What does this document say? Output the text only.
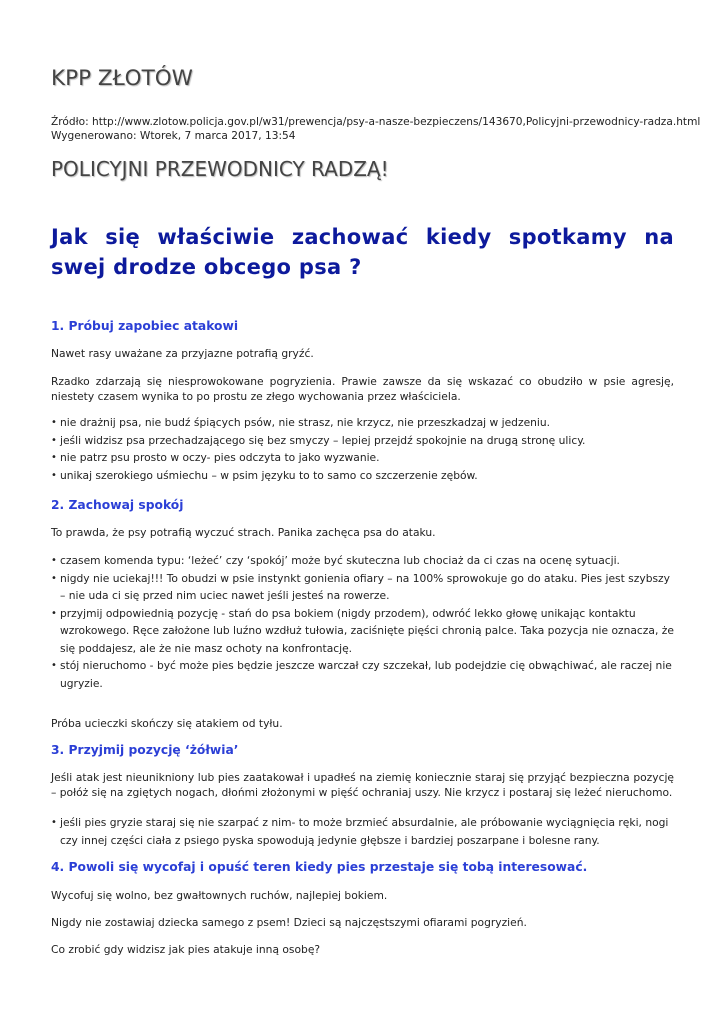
KPP ZŁOTÓW
Źródło: http://www.zlotow.policja.gov.pl/w31/prewencja/psy-a-nasze-bezpieczens/143670,Policyjni-przewodnicy-radza.html
Wygenerowano: Wtorek, 7 marca 2017, 13:54
POLICYJNI PRZEWODNICY RADZĄ!
Jak się właściwie zachować kiedy spotkamy na swej drodze obcego psa ?
1. Próbuj zapobiec atakowi

Nawet rasy uważane za przyjazne potrafią gryźć.

Rzadko zdarzają się niesprowokowane pogryzienia. Prawie zawsze da się wskazać co obudziło w psie agresję, niestety czasem wynika to po prostu ze złego wychowania przez właściciela.

• nie drażnij psa, nie budź śpiących psów, nie strasz, nie krzycz, nie przeszkadzaj w jedzeniu.
• jeśli widzisz psa przechadzającego się bez smyczy – lepiej przejdź spokojnie na drugą stronę ulicy.
• nie patrz psu prosto w oczy- pies odczyta to jako wyzwanie.
• unikaj szerokiego uśmiechu – w psim języku to to samo co szczerzenie zębów.
2. Zachowaj spokój

To prawda, że psy potrafią wyczuć strach. Panika zachęca psa do ataku.

• czasem komenda typu: ‘leżeć’ czy ‘spokój’ może być skuteczna lub chociaż da ci czas na ocenę sytuacji.
• nigdy nie uciekaj!!! To obudzi w psie instynkt gonienia ofiary – na 100% sprowokuje go do ataku. Pies jest szybszy – nie uda ci się przed nim uciec nawet jeśli jesteś na rowerze.
• przyjmij odpowiednią pozycję - stań do psa bokiem (nigdy przodem), odwróć lekko głowę unikając kontaktu wzrokowego. Ręce założone lub luźno wzdłuż tułowia, zaciśnięte pięści chronią palce. Taka pozycja nie oznacza, że się poddajesz, ale że nie masz ochoty na konfrontację.
• stój nieruchomo - być może pies będzie jeszcze warczał czy szczekał, lub podejdzie cię obwąchiwać, ale raczej nie ugryzie.

Próba ucieczki skończy się atakiem od tyłu.

3. Przyjmij pozycję ‘żółwia’

Jeśli atak jest nieunikniony lub pies zaatakował i upadłeś na ziemię koniecznie staraj się przyjąć bezpieczna pozycję – połóż się na zgiętych nogach, dłońmi złożonymi w pięść ochraniaj uszy. Nie krzycz i postaraj się leżeć nieruchomo.

• jeśli pies gryzie staraj się nie szarpać z nim- to może brzmieć absurdalnie, ale próbowanie wyciągnięcia ręki, nogi czy innej części ciała z psiego pyska spowodują jedynie głębsze i bardziej poszarpane i bolesne rany.
4. Powoli się wycofaj i opuść teren kiedy pies przestaje się tobą interesować.

Wycofuj się wolno, bez gwałtownych ruchów, najlepiej bokiem.

Nigdy nie zostawiaj dziecka samego z psem! Dzieci są najczęstszymi ofiarami pogryzień.

Co zrobić gdy widzisz jak pies atakuje inną osobę?
